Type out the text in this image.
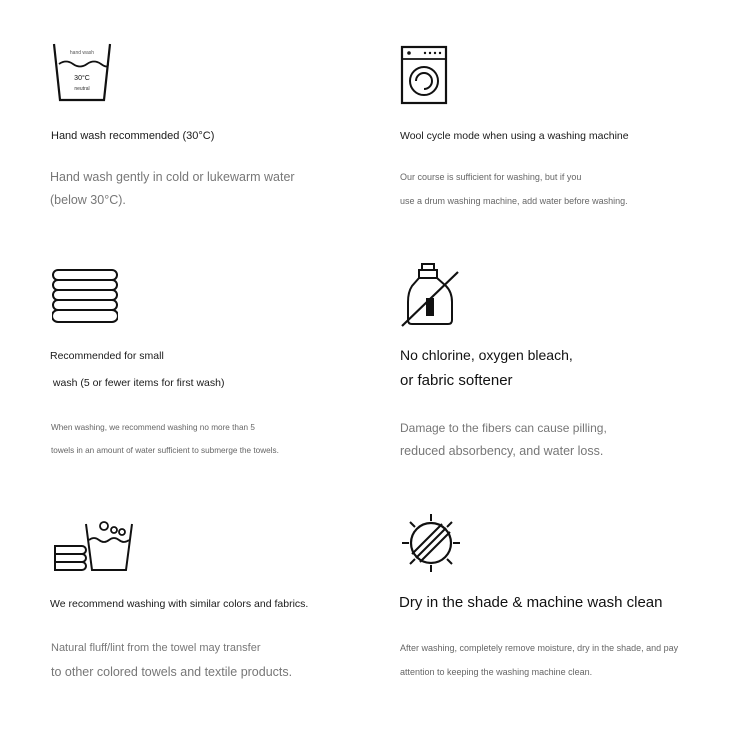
hand wash
30°C
neutral
Hand wash recommended (30°C)
Hand wash gently in cold or lukewarm water
(below 30°C).
Wool cycle mode when using a washing machine
Our course is sufficient for washing, but if you
use a drum washing machine, add water before washing.
Recommended for small
wash (5 or fewer items for first wash)
When washing, we recommend washing no more than 5
towels in an amount of water sufficient to submerge the towels.
No chlorine, oxygen bleach,
or fabric softener
Damage to the fibers can cause pilling,
reduced absorbency, and water loss.
We recommend washing with similar colors and fabrics.
Natural fluff/lint from the towel may transfer
to other colored towels and textile products.
Dry in the shade & machine wash clean
After washing, completely remove moisture, dry in the shade, and pay
attention to keeping the washing machine clean.
